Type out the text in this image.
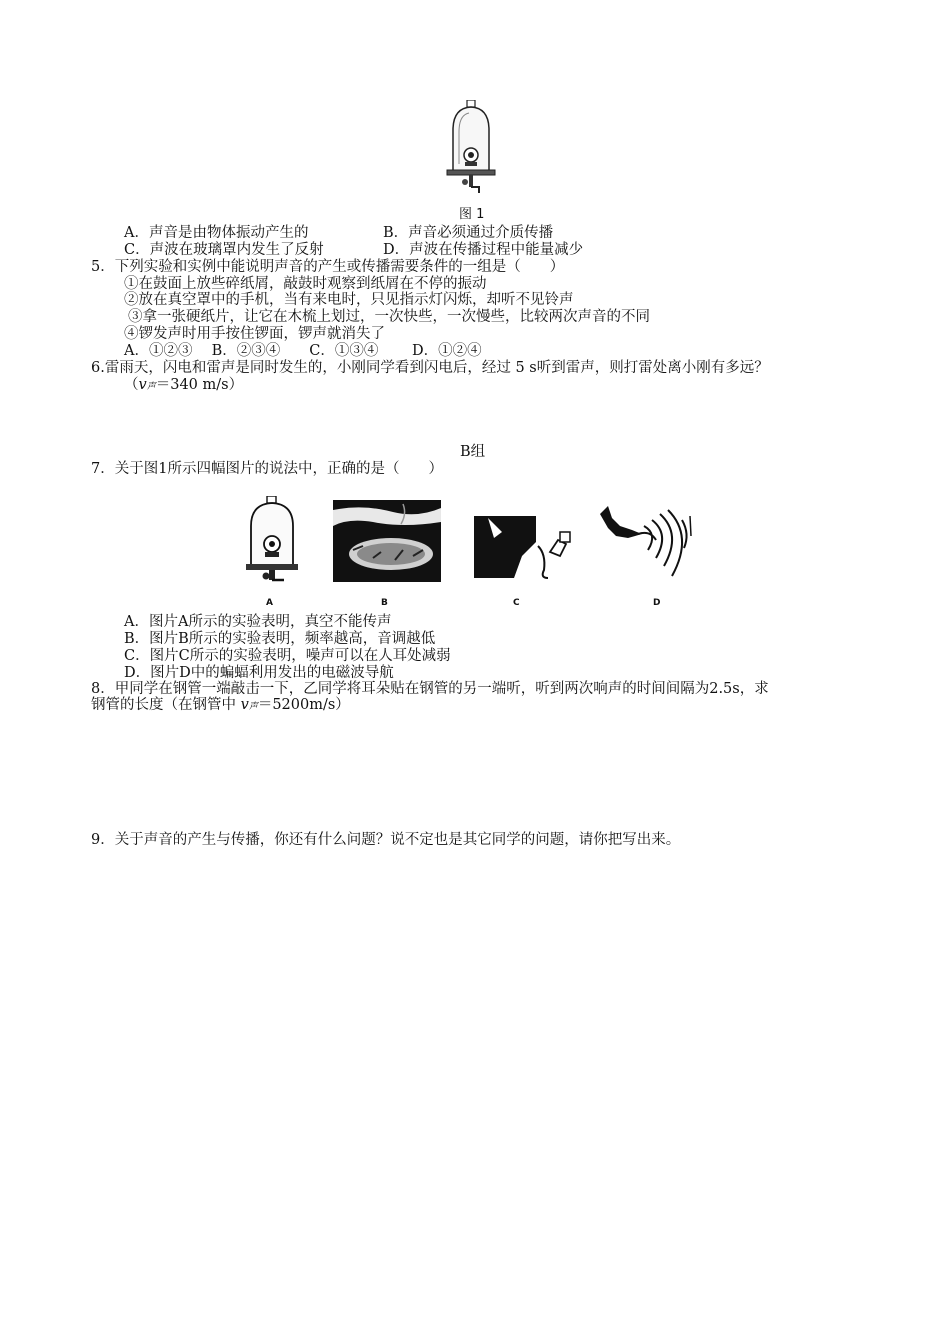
图 1
A．声音是由物体振动产生的	B．声音必须通过介质传播
C．声波在玻璃罩内发生了反射	D．声波在传播过程中能量减少
5．下列实验和实例中能说明声音的产生或传播需要条件的一组是（　　）
①在鼓面上放些碎纸屑，敲鼓时观察到纸屑在不停的振动
②放在真空罩中的手机，当有来电时，只见指示灯闪烁，却听不见铃声
③拿一张硬纸片，让它在木梳上划过，一次快些，一次慢些，比较两次声音的不同
④锣发声时用手按住锣面，锣声就消失了
A．①②③　 B．②③④　　C．①③④　　 D．①②④
6.雷雨天，闪电和雷声是同时发生的，小刚同学看到闪电后，经过 5 s听到雷声，则打雷处离小刚有多远？
（v声＝340 m/s）
B组
7．关于图1所示四幅图片的说法中，正确的是（　　）
A	B	C	D
A．图片A所示的实验表明，真空不能传声
B．图片B所示的实验表明，频率越高，音调越低
C．图片C所示的实验表明，噪声可以在人耳处减弱
D．图片D中的蝙蝠利用发出的电磁波导航
8．甲同学在钢管一端敲击一下，乙同学将耳朵贴在钢管的另一端听，听到两次响声的时间间隔为2.5s，求
钢管的长度（在钢管中 v声＝5200m/s）
9．关于声音的产生与传播，你还有什么问题？说不定也是其它同学的问题，请你把写出来。
